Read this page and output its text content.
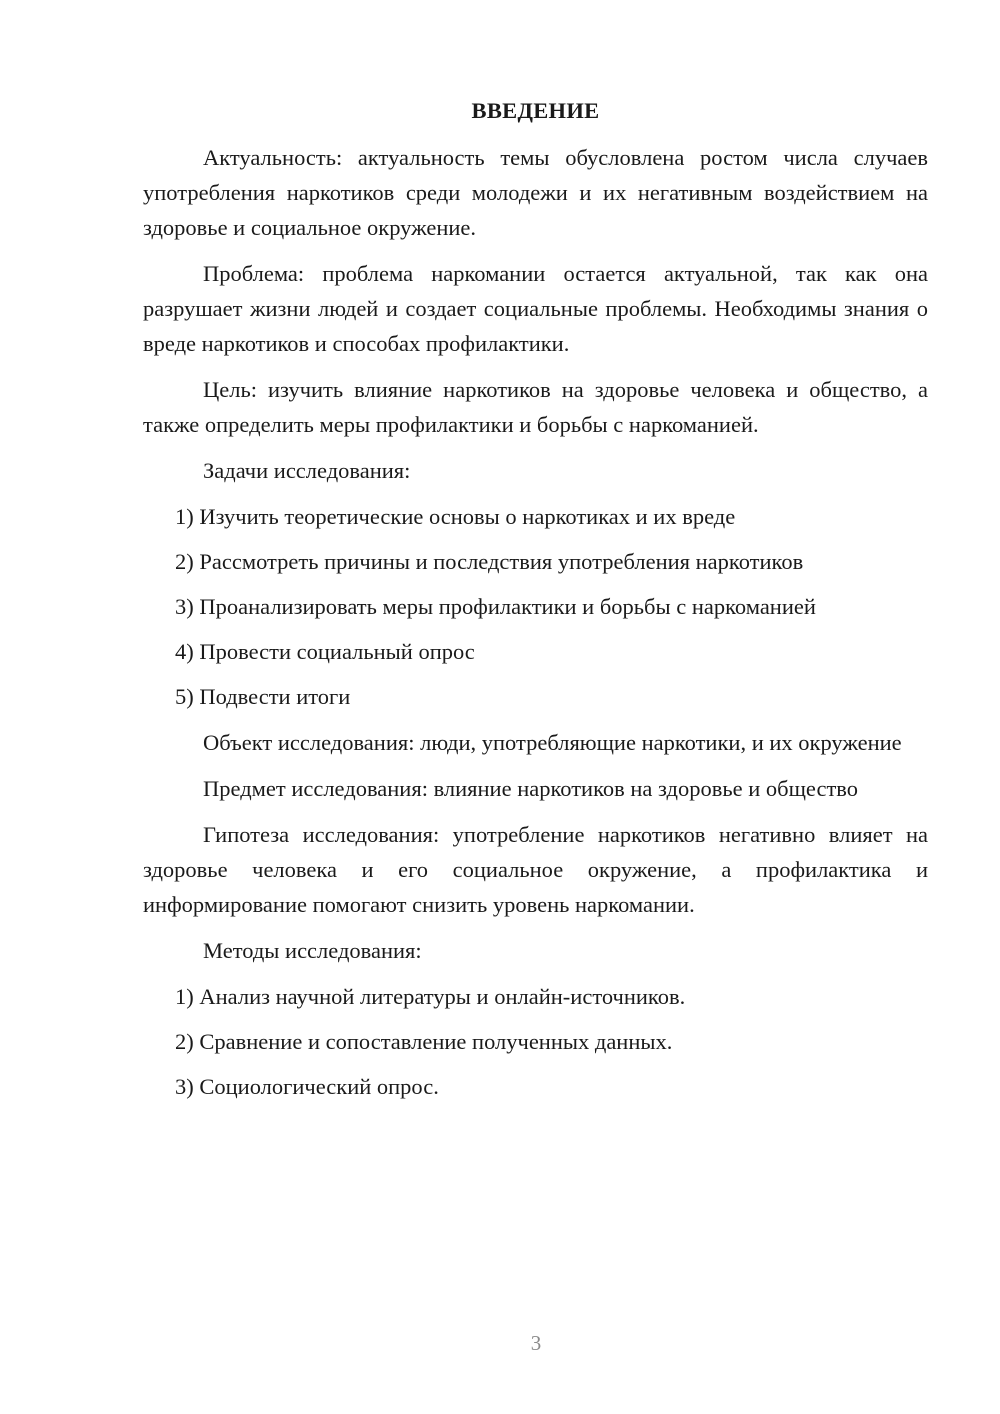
ВВЕДЕНИЕ

Актуальность: актуальность темы обусловлена ростом числа случаев употребления наркотиков среди молодежи и их негативным воздействием на здоровье и социальное окружение.

Проблема: проблема наркомании остается актуальной, так как она разрушает жизни людей и создает социальные проблемы. Необходимы знания о вреде наркотиков и способах профилактики.

Цель: изучить влияние наркотиков на здоровье человека и общество, а также определить меры профилактики и борьбы с наркоманией.

Задачи исследования:

1) Изучить теоретические основы о наркотиках и их вреде
2) Рассмотреть причины и последствия употребления наркотиков
3) Проанализировать меры профилактики и борьбы с наркоманией
4) Провести социальный опрос
5) Подвести итоги

Объект исследования: люди, употребляющие наркотики, и их окружение

Предмет исследования: влияние наркотиков на здоровье и общество

Гипотеза исследования: употребление наркотиков негативно влияет на здоровье человека и его социальное окружение, а профилактика и информирование помогают снизить уровень наркомании.

Методы исследования:

1) Анализ научной литературы и онлайн-источников.
2) Сравнение и сопоставление полученных данных.
3) Социологический опрос.
3
